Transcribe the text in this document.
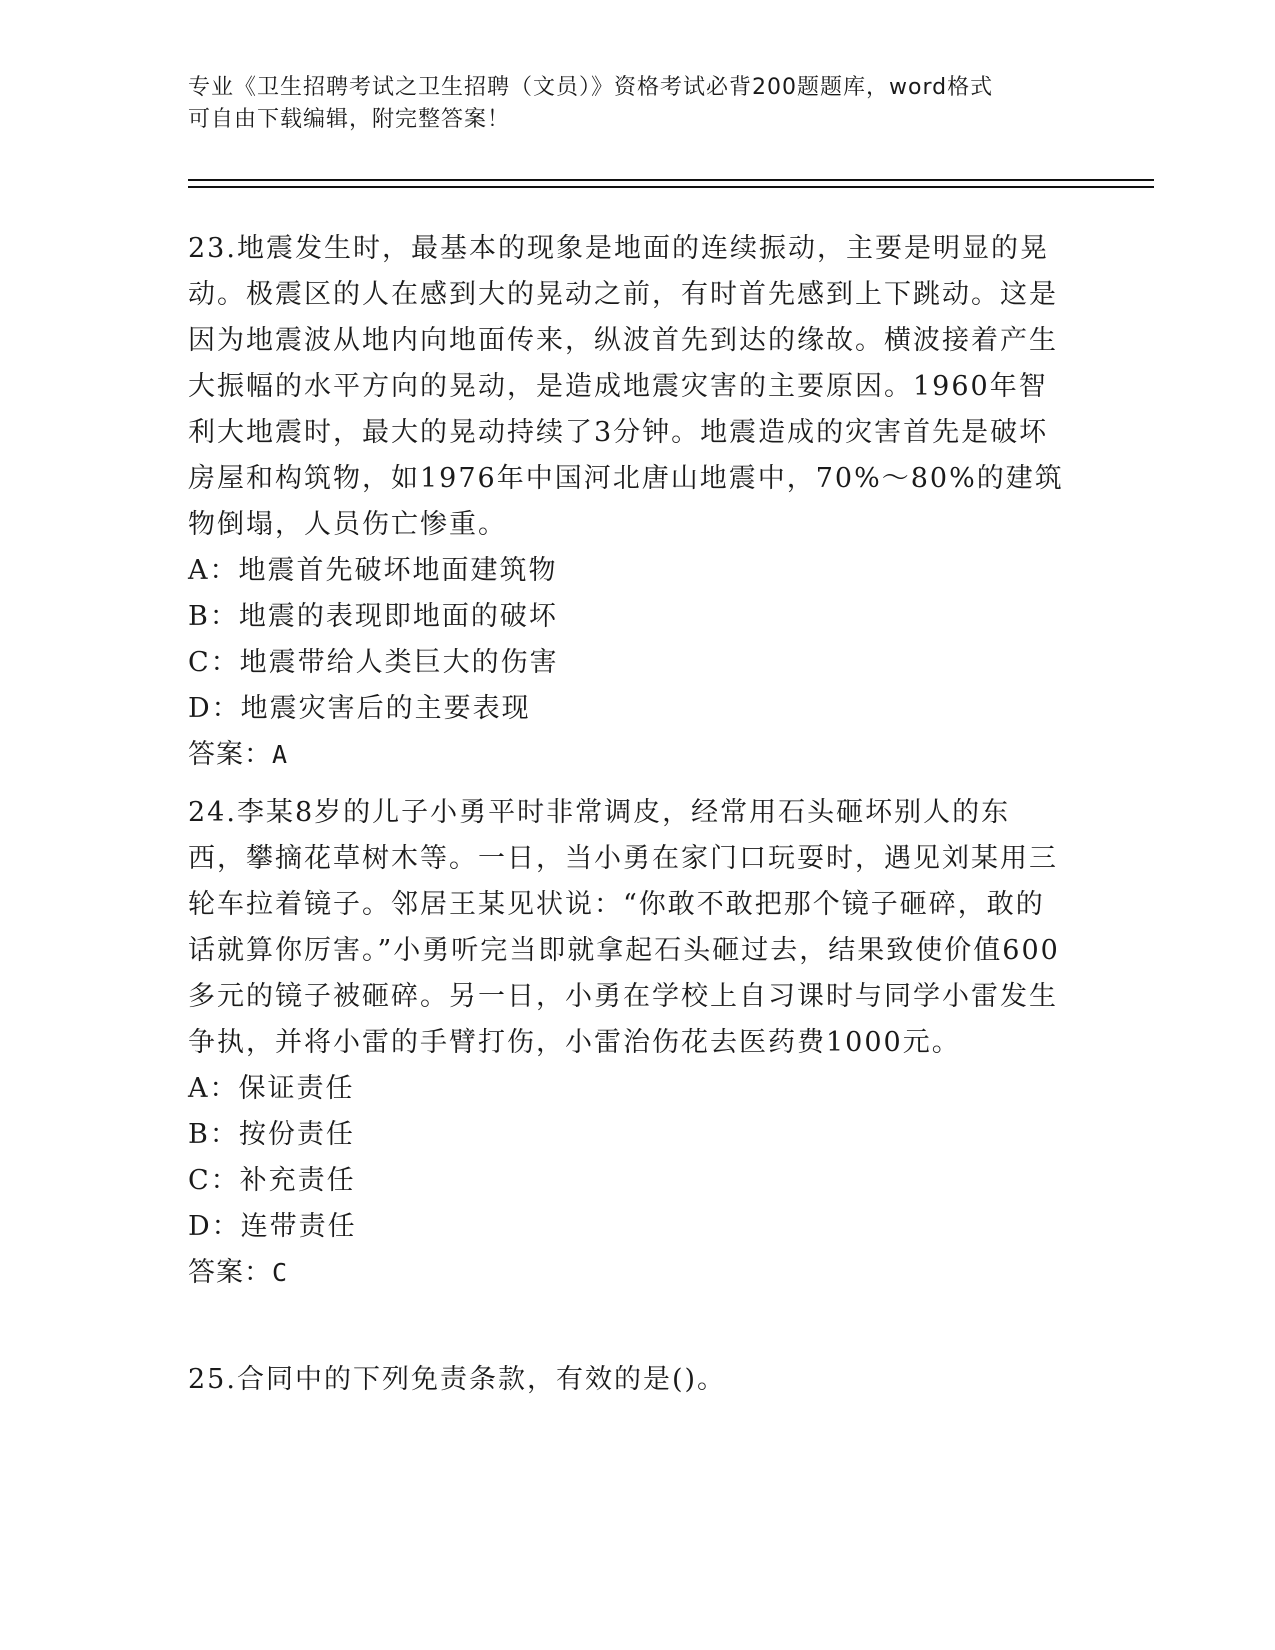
专业《卫生招聘考试之卫生招聘（文员）》资格考试必背200题题库，word格式
可自由下载编辑，附完整答案！

23.地震发生时，最基本的现象是地面的连续振动，主要是明显的晃动。极震区的人在感到大的晃动之前，有时首先感到上下跳动。这是因为地震波从地内向地面传来，纵波首先到达的缘故。横波接着产生大振幅的水平方向的晃动，是造成地震灾害的主要原因。1960年智利大地震时，最大的晃动持续了3分钟。地震造成的灾害首先是破坏房屋和构筑物，如1976年中国河北唐山地震中，70%～80%的建筑物倒塌，人员伤亡惨重。

A：地震首先破坏地面建筑物
B：地震的表现即地面的破坏
C：地震带给人类巨大的伤害
D：地震灾害后的主要表现
答案：A

24.李某8岁的儿子小勇平时非常调皮，经常用石头砸坏别人的东西，攀摘花草树木等。一日，当小勇在家门口玩耍时，遇见刘某用三轮车拉着镜子。邻居王某见状说：“你敢不敢把那个镜子砸碎，敢的话就算你厉害。”小勇听完当即就拿起石头砸过去，结果致使价值600多元的镜子被砸碎。另一日，小勇在学校上自习课时与同学小雷发生争执，并将小雷的手臂打伤，小雷治伤花去医药费1000元。

A：保证责任
B：按份责任
C：补充责任
D：连带责任
答案：C

25.合同中的下列免责条款，有效的是()。
